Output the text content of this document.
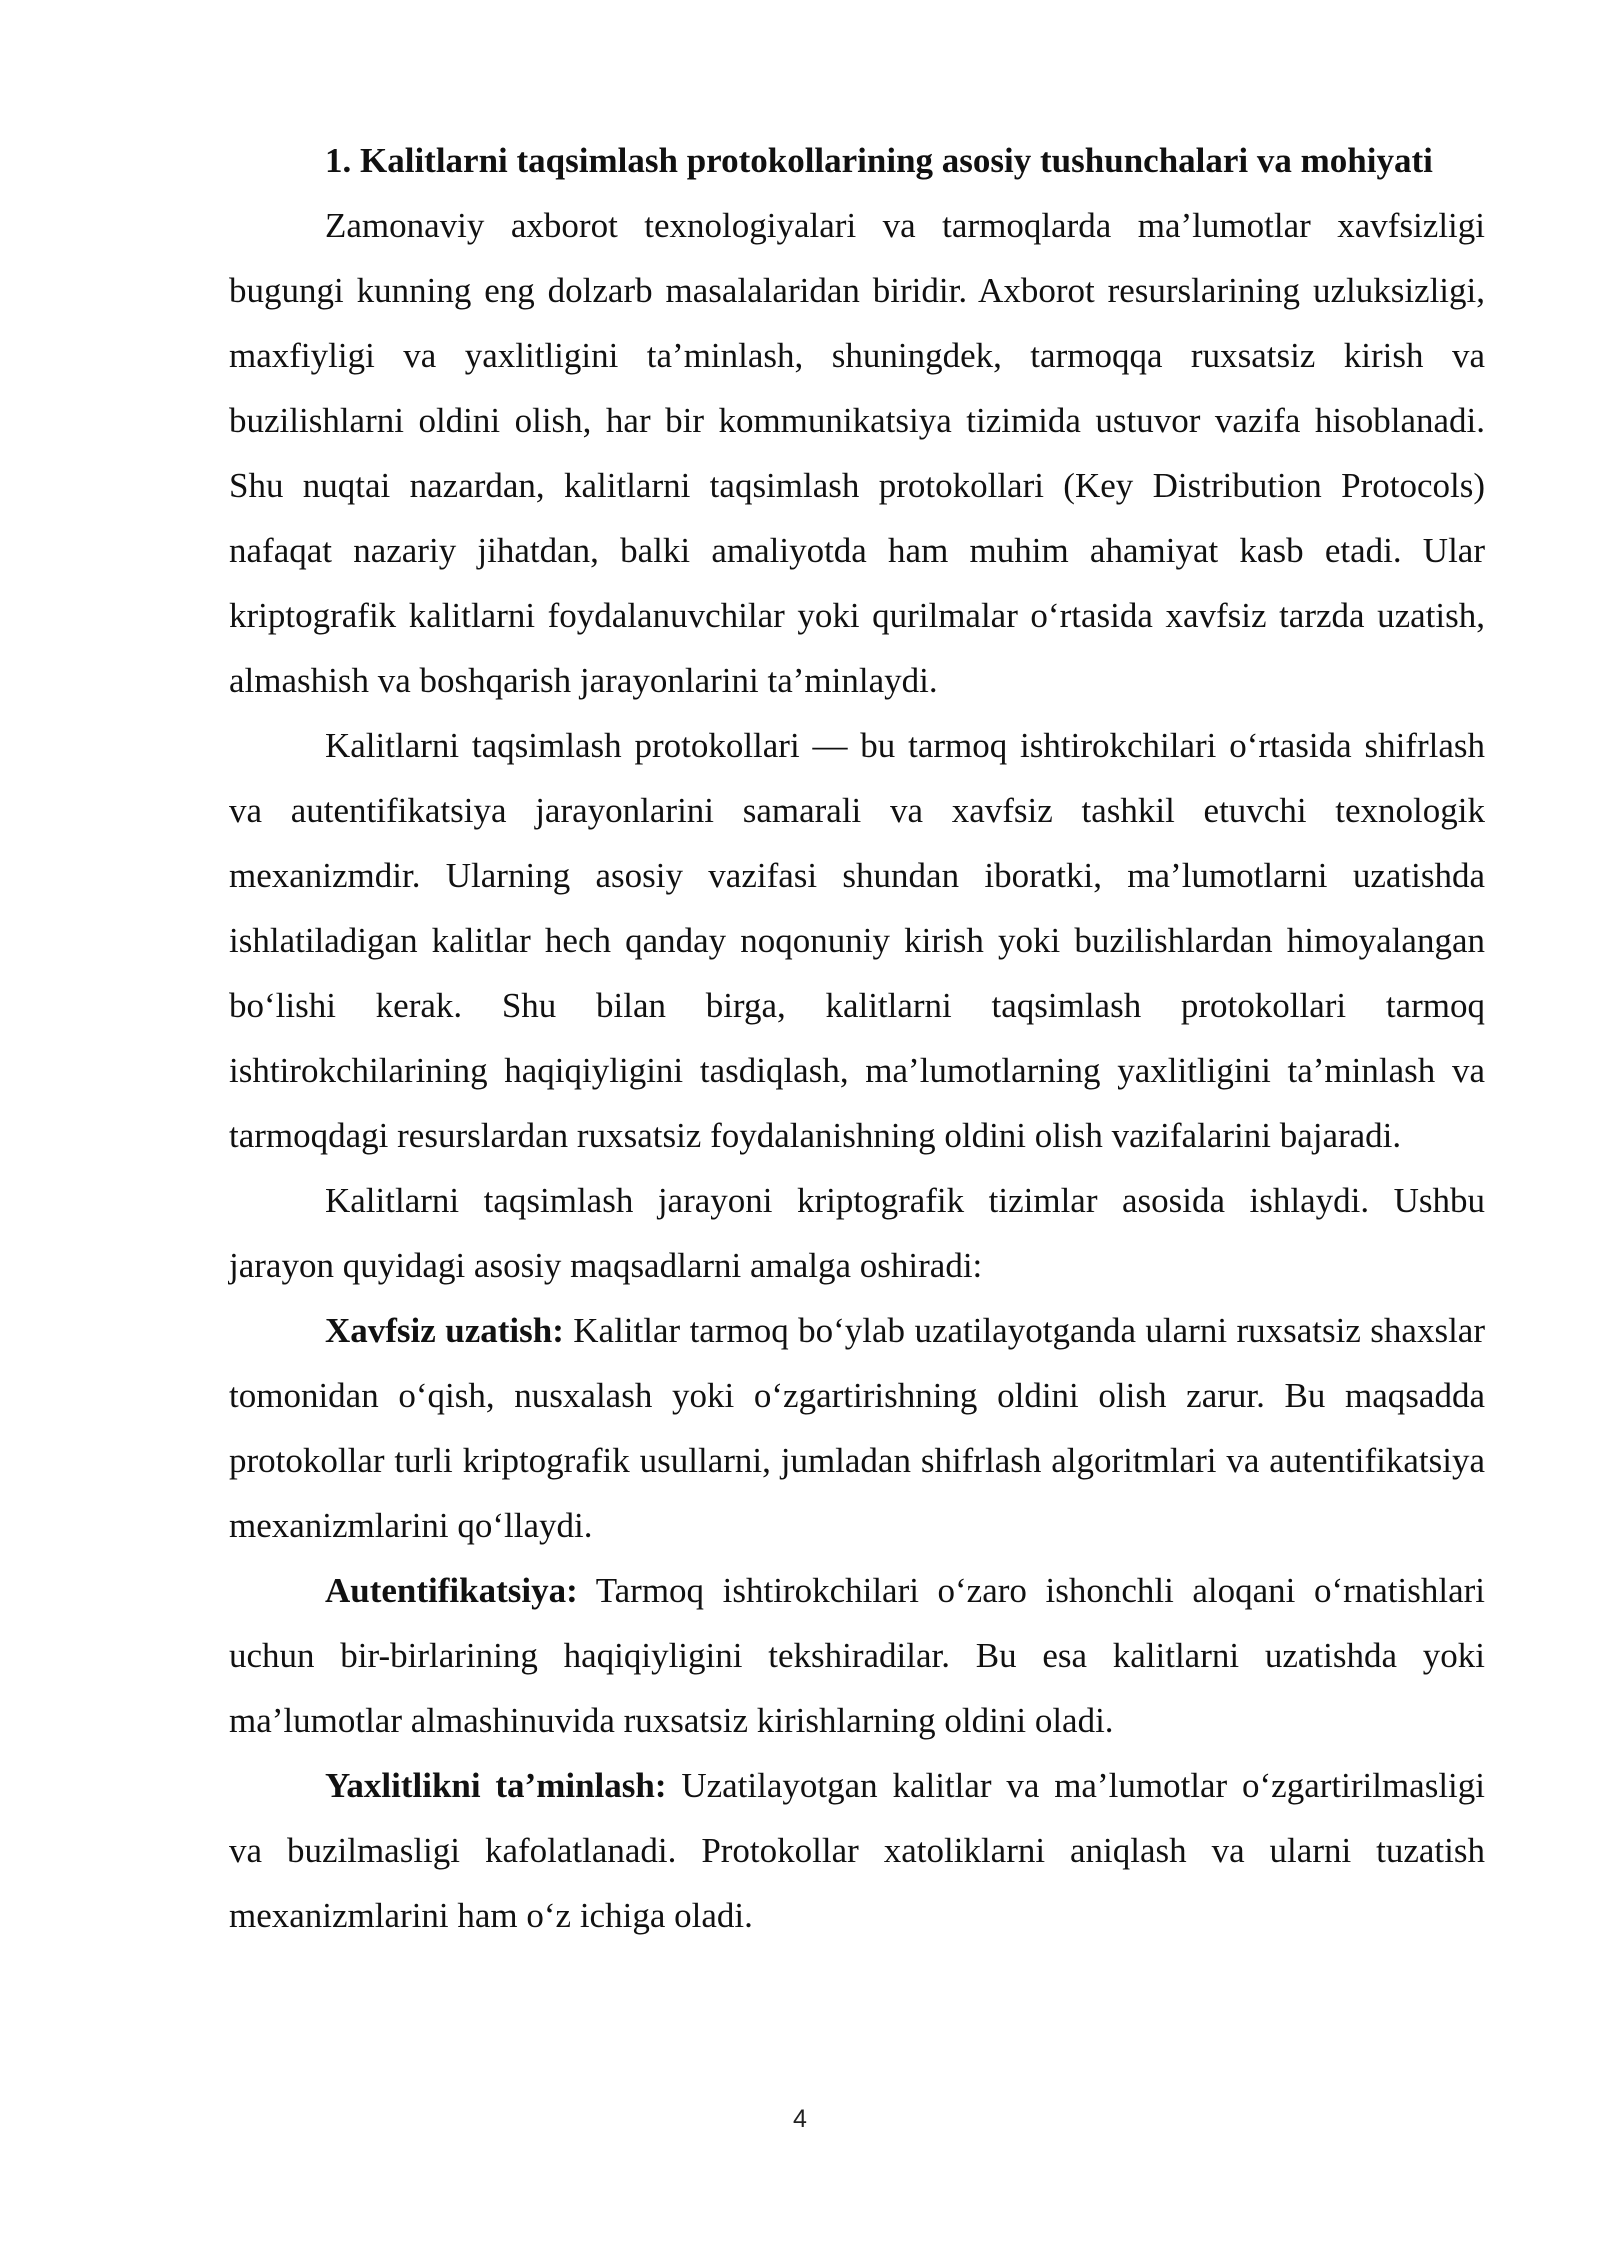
1. Kalitlarni taqsimlash protokollarining asosiy tushunchalari va mohiyati

Zamonaviy axborot texnologiyalari va tarmoqlarda ma’lumotlar xavfsizligi bugungi kunning eng dolzarb masalalaridan biridir. Axborot resurslarining uzluksizligi, maxfiyligi va yaxlitligini ta’minlash, shuningdek, tarmoqqa ruxsatsiz kirish va buzilishlarni oldini olish, har bir kommunikatsiya tizimida ustuvor vazifa hisoblanadi. Shu nuqtai nazardan, kalitlarni taqsimlash protokollari (Key Distribution Protocols) nafaqat nazariy jihatdan, balki amaliyotda ham muhim ahamiyat kasb etadi. Ular kriptografik kalitlarni foydalanuvchilar yoki qurilmalar o‘rtasida xavfsiz tarzda uzatish, almashish va boshqarish jarayonlarini ta’minlaydi.

Kalitlarni taqsimlash protokollari — bu tarmoq ishtirokchilari o‘rtasida shifrlash va autentifikatsiya jarayonlarini samarali va xavfsiz tashkil etuvchi texnologik mexanizmdir. Ularning asosiy vazifasi shundan iboratki, ma’lumotlarni uzatishda ishlatiladigan kalitlar hech qanday noqonuniy kirish yoki buzilishlardan himoyalangan bo‘lishi kerak. Shu bilan birga, kalitlarni taqsimlash protokollari tarmoq ishtirokchilarining haqiqiyligini tasdiqlash, ma’lumotlarning yaxlitligini ta’minlash va tarmoqdagi resurslardan ruxsatsiz foydalanishning oldini olish vazifalarini bajaradi.

Kalitlarni taqsimlash jarayoni kriptografik tizimlar asosida ishlaydi. Ushbu jarayon quyidagi asosiy maqsadlarni amalga oshiradi:

Xavfsiz uzatish: Kalitlar tarmoq bo‘ylab uzatilayotganda ularni ruxsatsiz shaxslar tomonidan o‘qish, nusxalash yoki o‘zgartirishning oldini olish zarur. Bu maqsadda protokollar turli kriptografik usullarni, jumladan shifrlash algoritmlari va autentifikatsiya mexanizmlarini qo‘llaydi.

Autentifikatsiya: Tarmoq ishtirokchilari o‘zaro ishonchli aloqani o‘rnatishlari uchun bir-birlarining haqiqiyligini tekshiradilar. Bu esa kalitlarni uzatishda yoki ma’lumotlar almashinuvida ruxsatsiz kirishlarning oldini oladi.

Yaxlitlikni ta’minlash: Uzatilayotgan kalitlar va ma’lumotlar o‘zgartirilmasligi va buzilmasligi kafolatlanadi. Protokollar xatoliklarni aniqlash va ularni tuzatish mexanizmlarini ham o‘z ichiga oladi.

4
